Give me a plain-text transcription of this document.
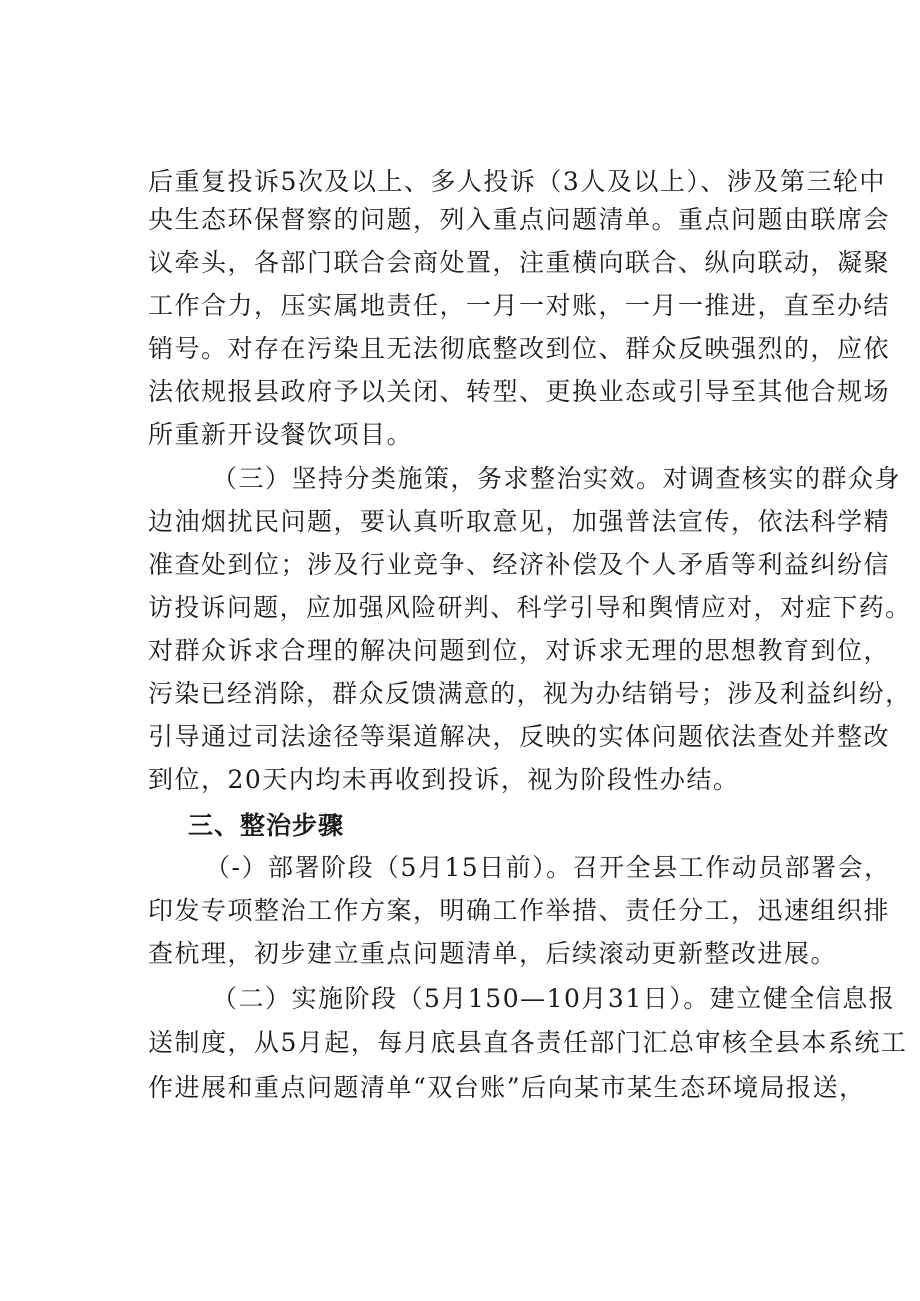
后重复投诉5次及以上、多人投诉（3人及以上）、涉及第三轮中
央生态环保督察的问题，列入重点问题清单。重点问题由联席会
议牵头，各部门联合会商处置，注重横向联合、纵向联动，凝聚
工作合力，压实属地责任，一月一对账，一月一推进，直至办结
销号。对存在污染且无法彻底整改到位、群众反映强烈的，应依
法依规报县政府予以关闭、转型、更换业态或引导至其他合规场
所重新开设餐饮项目。
（三）坚持分类施策，务求整治实效。对调查核实的群众身
边油烟扰民问题，要认真听取意见，加强普法宣传，依法科学精
准查处到位；涉及行业竞争、经济补偿及个人矛盾等利益纠纷信
访投诉问题，应加强风险研判、科学引导和舆情应对，对症下药。
对群众诉求合理的解决问题到位，对诉求无理的思想教育到位，
污染已经消除，群众反馈满意的，视为办结销号；涉及利益纠纷，
引导通过司法途径等渠道解决，反映的实体问题依法查处并整改
到位，20天内均未再收到投诉，视为阶段性办结。
三、整治步骤
（-）部署阶段（5月15日前）。召开全县工作动员部署会，
印发专项整治工作方案，明确工作举措、责任分工，迅速组织排
查杭理，初步建立重点问题清单，后续滚动更新整改进展。
（二）实施阶段（5月150—10月31日）。建立健全信息报
送制度，从5月起，每月底县直各责任部门汇总审核全县本系统工
作进展和重点问题清单“双台账”后向某市某生态环境局报送，
